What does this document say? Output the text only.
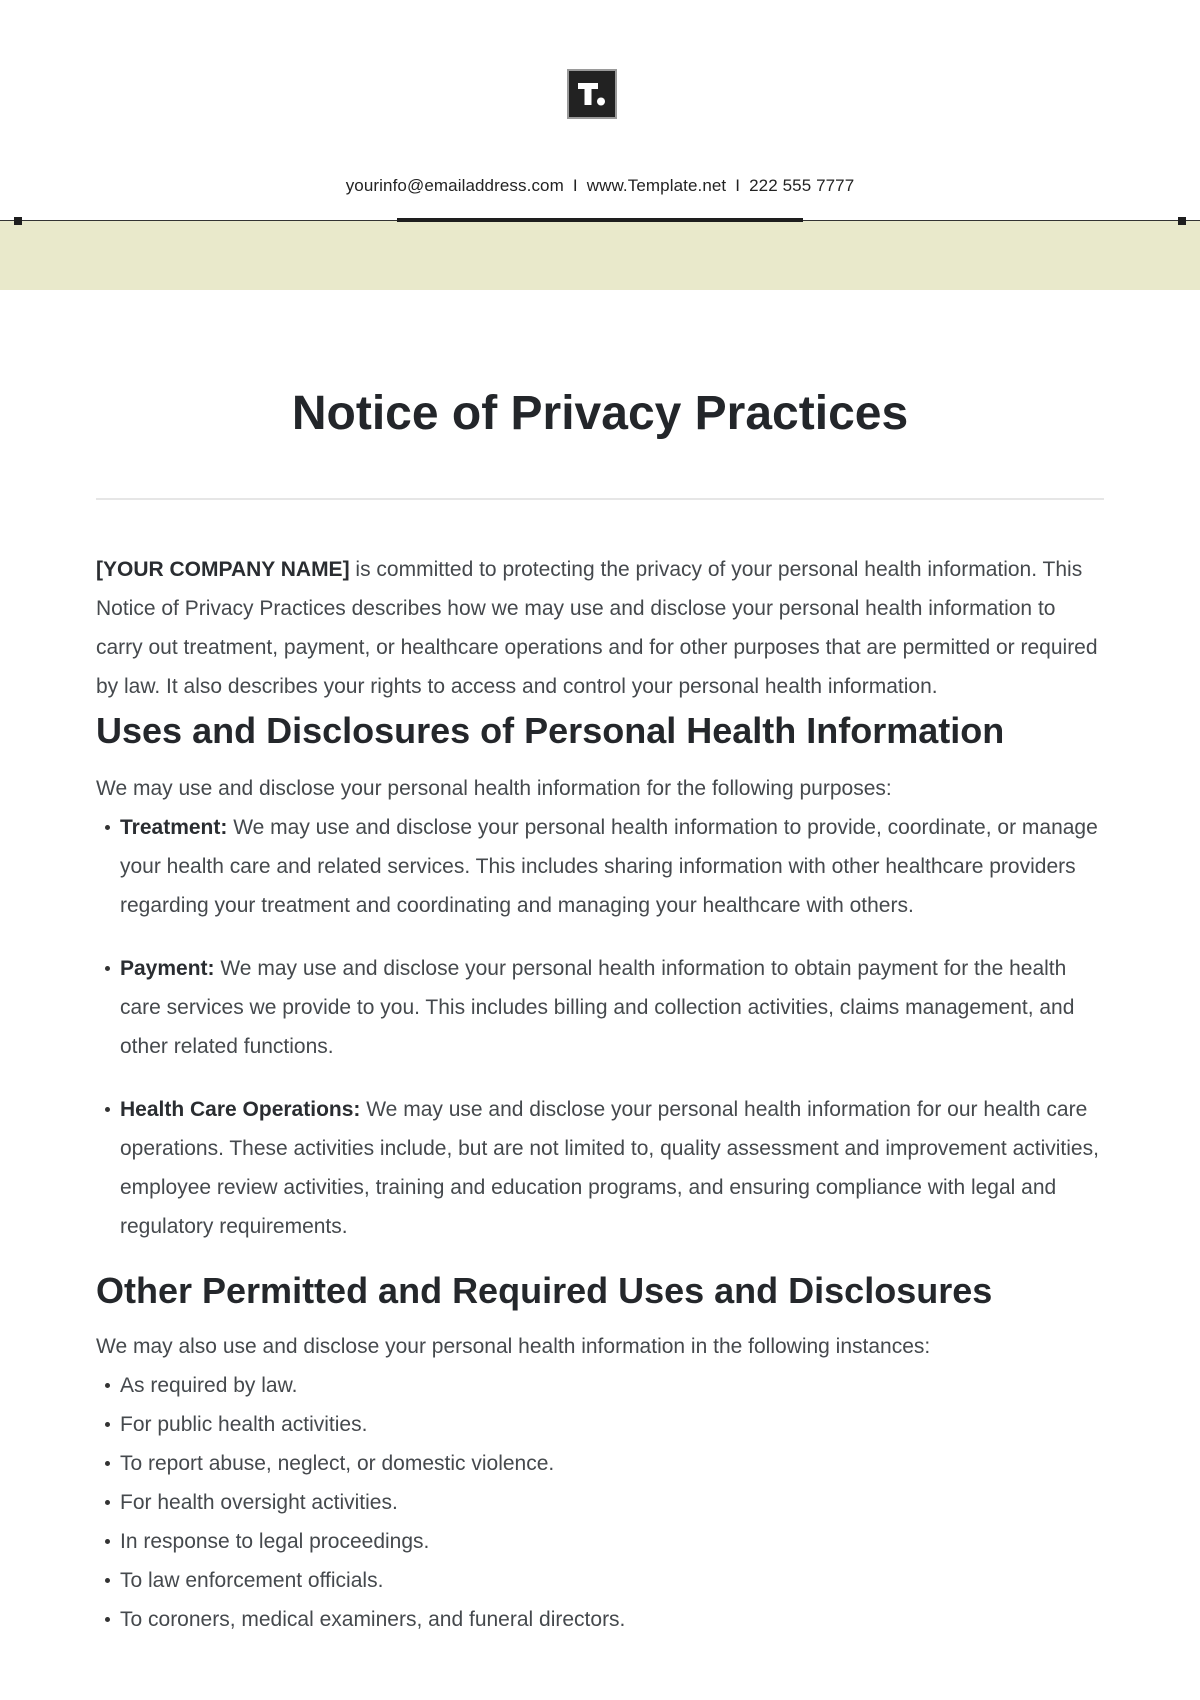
yourinfo@emailaddress.com I www.Template.net I 222 555 7777
Notice of Privacy Practices

[YOUR COMPANY NAME] is committed to protecting the privacy of your personal health information. This Notice of Privacy Practices describes how we may use and disclose your personal health information to carry out treatment, payment, or healthcare operations and for other purposes that are permitted or required by law. It also describes your rights to access and control your personal health information.

Uses and Disclosures of Personal Health Information

We may use and disclose your personal health information for the following purposes:

Treatment: We may use and disclose your personal health information to provide, coordinate, or manage your health care and related services. This includes sharing information with other healthcare providers regarding your treatment and coordinating and managing your healthcare with others.
Payment: We may use and disclose your personal health information to obtain payment for the health care services we provide to you. This includes billing and collection activities, claims management, and other related functions.
Health Care Operations: We may use and disclose your personal health information for our health care operations. These activities include, but are not limited to, quality assessment and improvement activities, employee review activities, training and education programs, and ensuring compliance with legal and regulatory requirements.
Other Permitted and Required Uses and Disclosures

We may also use and disclose your personal health information in the following instances:

As required by law.
For public health activities.
To report abuse, neglect, or domestic violence.
For health oversight activities.
In response to legal proceedings.
To law enforcement officials.
To coroners, medical examiners, and funeral directors.
